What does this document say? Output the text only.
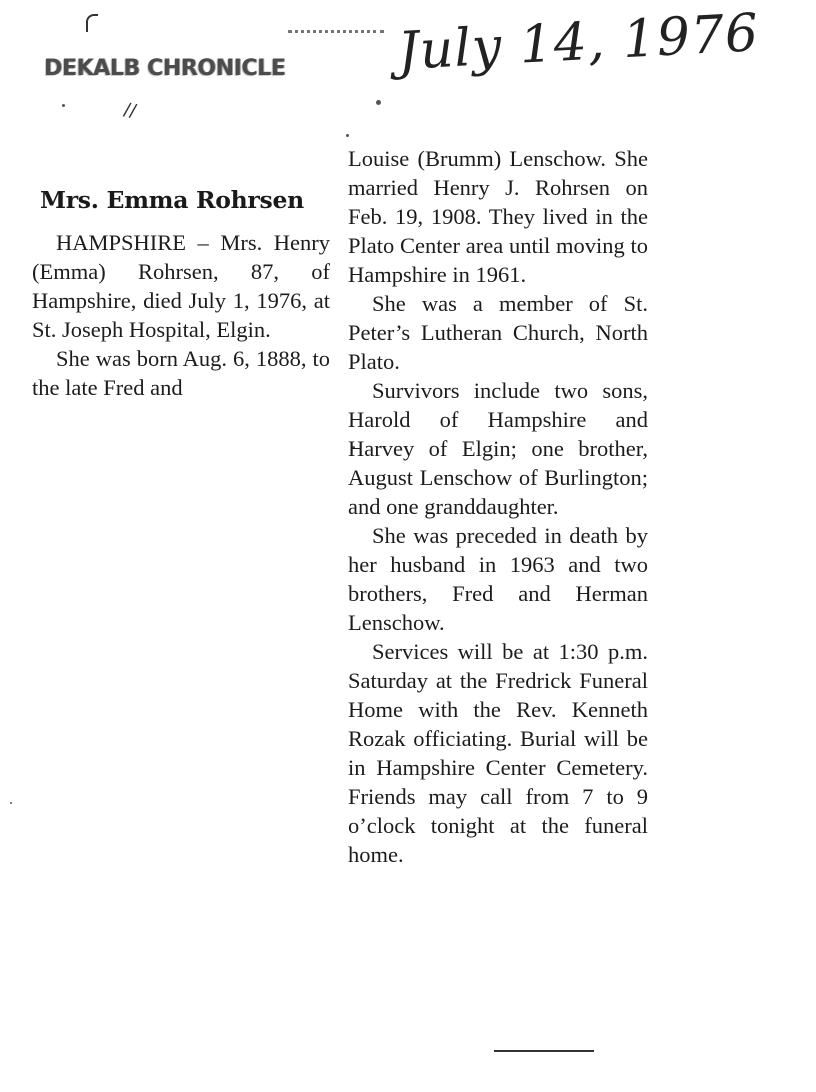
DEKALB CHRONICLE July 14, 1976
//
Mrs. Emma Rohrsen

HAMPSHIRE – Mrs. Henry (Emma) Rohrsen, 87, of Hampshire, died July 1, 1976, at St. Joseph Hospital, Elgin.

She was born Aug. 6, 1888, to the late Fred and

Louise (Brumm) Lenschow. She married Henry J. Rohrsen on Feb. 19, 1908. They lived in the Plato Center area until moving to Hampshire in 1961.

She was a member of St. Peter’s Lutheran Church, North Plato.

Survivors include two sons, Harold of Hampshire and Harvey of Elgin; one brother, August Lenschow of Burlington; and one granddaughter.

She was preceded in death by her husband in 1963 and two brothers, Fred and Herman Lenschow.

Services will be at 1:30 p.m. Saturday at the Fredrick Funeral Home with the Rev. Kenneth Rozak officiating. Burial will be in Hampshire Center Cemetery. Friends may call from 7 to 9 o’clock tonight at the funeral home.
